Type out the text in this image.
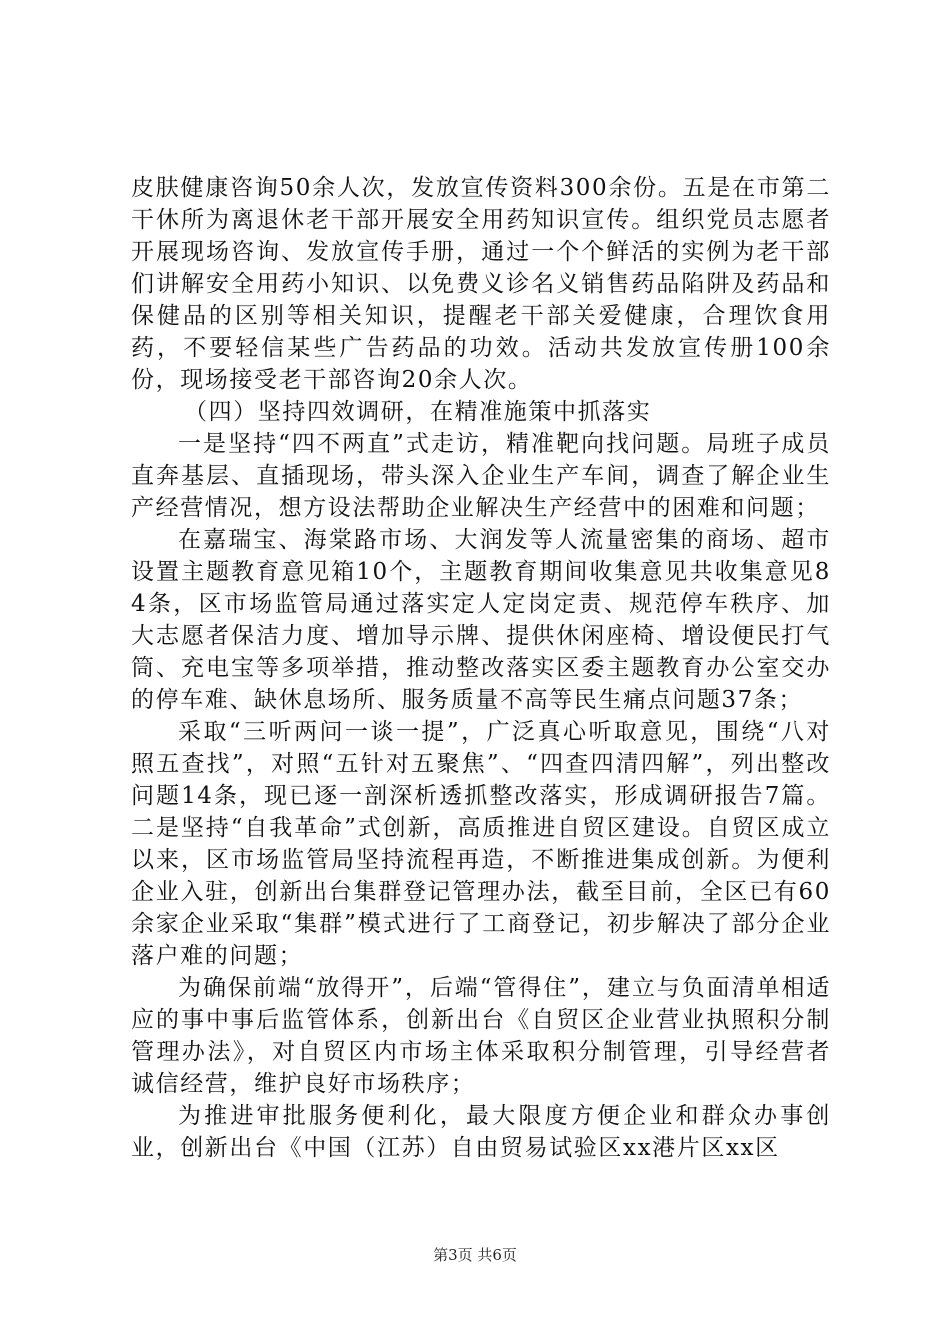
皮肤健康咨询50余人次，发放宣传资料300余份。五是在市第二干休所为离退休老干部开展安全用药知识宣传。组织党员志愿者开展现场咨询、发放宣传手册，通过一个个鲜活的实例为老干部们讲解安全用药小知识、以免费义诊名义销售药品陷阱及药品和保健品的区别等相关知识，提醒老干部关爱健康，合理饮食用药，不要轻信某些广告药品的功效。活动共发放宣传册100余份，现场接受老干部咨询20余人次。

（四）坚持四效调研，在精准施策中抓落实

一是坚持“四不两直”式走访，精准靶向找问题。局班子成员直奔基层、直插现场，带头深入企业生产车间，调查了解企业生产经营情况，想方设法帮助企业解决生产经营中的困难和问题；

在嘉瑞宝、海棠路市场、大润发等人流量密集的商场、超市设置主题教育意见箱10个，主题教育期间收集意见共收集意见84条，区市场监管局通过落实定人定岗定责、规范停车秩序、加大志愿者保洁力度、增加导示牌、提供休闲座椅、增设便民打气筒、充电宝等多项举措，推动整改落实区委主题教育办公室交办的停车难、缺休息场所、服务质量不高等民生痛点问题37条；

采取“三听两问一谈一提”，广泛真心听取意见，围绕“八对照五查找”，对照“五针对五聚焦”、“四查四清四解”，列出整改问题14条，现已逐一剖深析透抓整改落实，形成调研报告7篇。二是坚持“自我革命”式创新，高质推进自贸区建设。自贸区成立以来，区市场监管局坚持流程再造，不断推进集成创新。为便利企业入驻，创新出台集群登记管理办法，截至目前，全区已有60余家企业采取“集群”模式进行了工商登记，初步解决了部分企业落户难的问题；

为确保前端“放得开”，后端“管得住”，建立与负面清单相适应的事中事后监管体系，创新出台《自贸区企业营业执照积分制管理办法》，对自贸区内市场主体采取积分制管理，引导经营者诚信经营，维护良好市场秩序；

为推进审批服务便利化，最大限度方便企业和群众办事创业，创新出台《中国（江苏）自由贸易试验区xx港片区xx区

第3页 共6页
